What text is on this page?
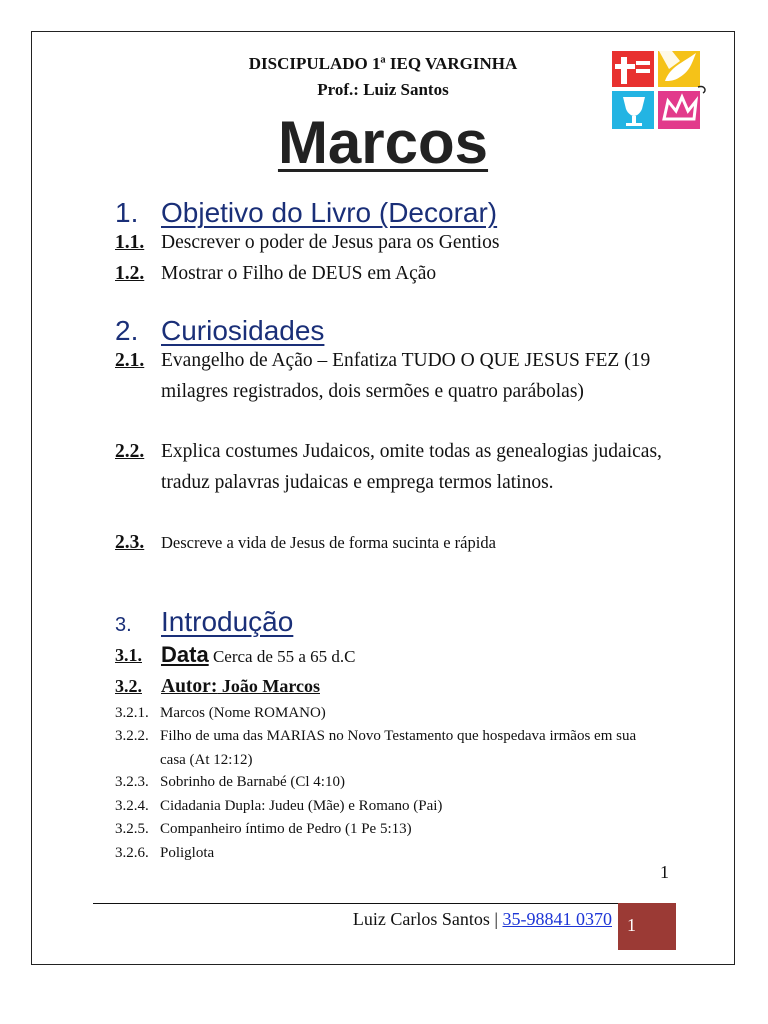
DISCIPULADO 1ª IEQ VARGINHA
Prof.: Luiz Santos
Marcos
1. Objetivo do Livro (Decorar)
1.1. Descrever o poder de Jesus para os Gentios
1.2. Mostrar o Filho de DEUS em Ação
2. Curiosidades
2.1. Evangelho de Ação – Enfatiza TUDO O QUE JESUS FEZ (19 milagres registrados, dois sermões e quatro parábolas)
2.2. Explica costumes Judaicos, omite todas as genealogias judaicas, traduz palavras judaicas e emprega termos latinos.
2.3. Descreve a vida de Jesus de forma sucinta e rápida
3. Introdução
3.1. Data Cerca de 55 a 65 d.C
3.2. Autor: João Marcos
3.2.1. Marcos (Nome ROMANO)
3.2.2. Filho de uma das MARIAS no Novo Testamento que hospedava irmãos em sua casa (At 12:12)
3.2.3. Sobrinho de Barnabé (Cl 4:10)
3.2.4. Cidadania Dupla: Judeu (Mãe) e Romano (Pai)
3.2.5. Companheiro íntimo de Pedro (1 Pe 5:13)
3.2.6. Poliglota
1
Luiz Carlos Santos | 35-98841 0370 1
